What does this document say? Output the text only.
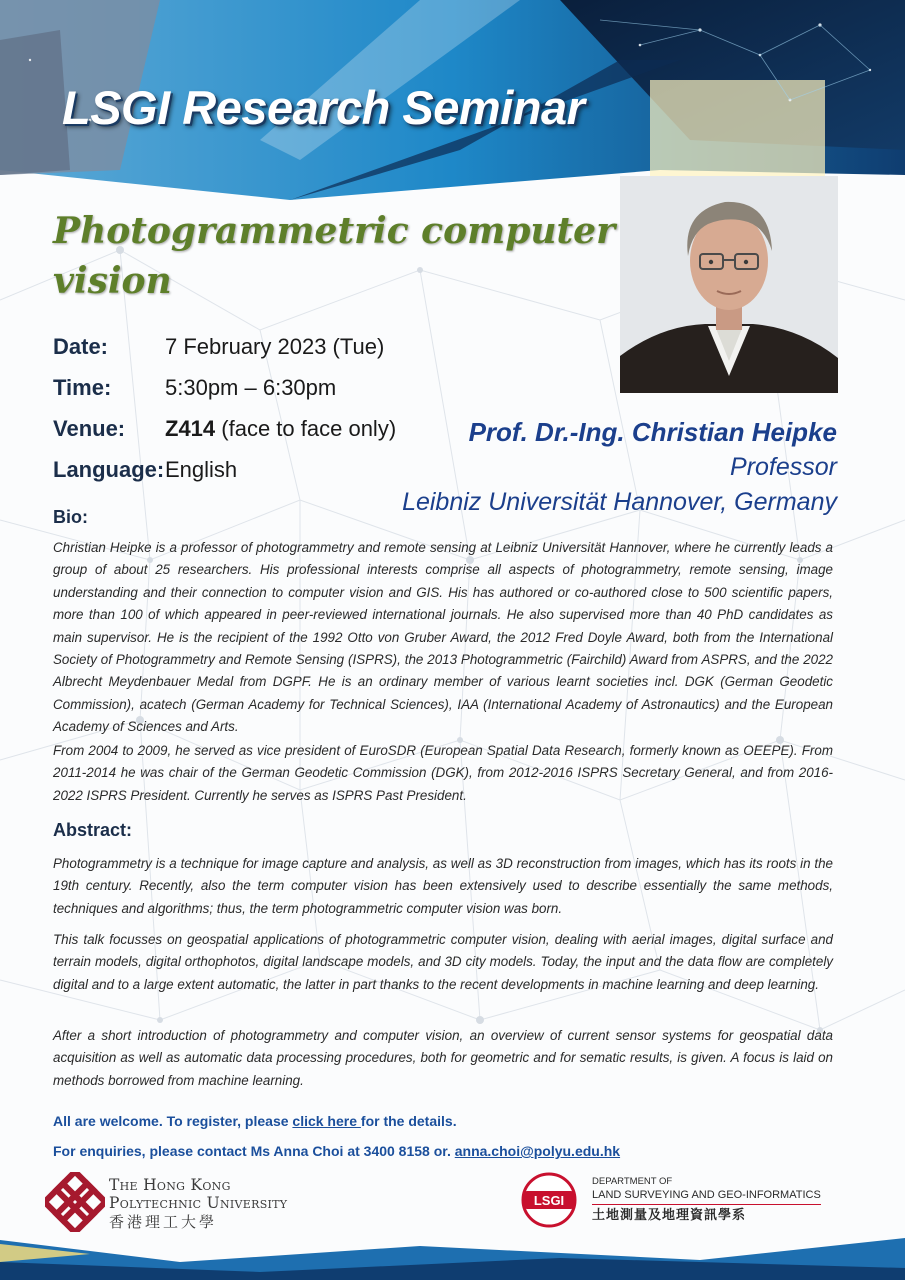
LSGI Research Seminar
Photogrammetric computer vision
Date:	7 February 2023 (Tue)
Time: 5:30pm – 6:30pm
Venue: Z414 (face to face only)
Language: English
Prof. Dr.-Ing. Christian Heipke
Professor
Leibniz Universität Hannover, Germany
Bio:
Christian Heipke is a professor of photogrammetry and remote sensing at Leibniz Universität Hannover, where he currently leads a group of about 25 researchers. His professional interests comprise all aspects of photogrammetry, remote sensing, image understanding and their connection to computer vision and GIS. His has authored or co-authored close to 500 scientific papers, more than 100 of which appeared in peer-reviewed international journals. He also supervised more than 40 PhD candidates as main supervisor. He is the recipient of the 1992 Otto von Gruber Award, the 2012 Fred Doyle Award, both from the International Society of Photogrammetry and Remote Sensing (ISPRS), the 2013 Photogrammetric (Fairchild) Award from ASPRS, and the 2022 Albrecht Meydenbauer Medal from DGPF. He is an ordinary member of various learnt societies incl. DGK (German Geodetic Commission), acatech (German Academy for Technical Sciences), IAA (International Academy of Astronautics) and the European Academy of Sciences and Arts.
From 2004 to 2009, he served as vice president of EuroSDR (European Spatial Data Research, formerly known as OEEPE). From 2011-2014 he was chair of the German Geodetic Commission (DGK), from 2012-2016 ISPRS Secretary General, and from 2016-2022 ISPRS President. Currently he serves as ISPRS Past President.
Abstract:
Photogrammetry is a technique for image capture and analysis, as well as 3D reconstruction from images, which has its roots in the 19th century. Recently, also the term computer vision has been extensively used to describe essentially the same methods, techniques and algorithms; thus, the term photogrammetric computer vision was born.
This talk focusses on geospatial applications of photogrammetric computer vision, dealing with aerial images, digital surface and terrain models, digital orthophotos, digital landscape models, and 3D city models. Today, the input and the data flow are completely digital and to a large extent automatic, the latter in part thanks to the recent developments in machine learning and deep learning.
After a short introduction of photogrammetry and computer vision, an overview of current sensor systems for geospatial data acquisition as well as automatic data processing procedures, both for geometric and for sematic results, is given. A focus is laid on methods borrowed from machine learning.
All are welcome. To register, please click here for the details.
For enquiries, please contact Ms Anna Choi at 3400 8158 or. anna.choi@polyu.edu.hk
The Hong Kong
Polytechnic University
香港理工大學
LSGI
DEPARTMENT OF
LAND SURVEYING AND GEO-INFORMATICS
土地測量及地理資訊學系
